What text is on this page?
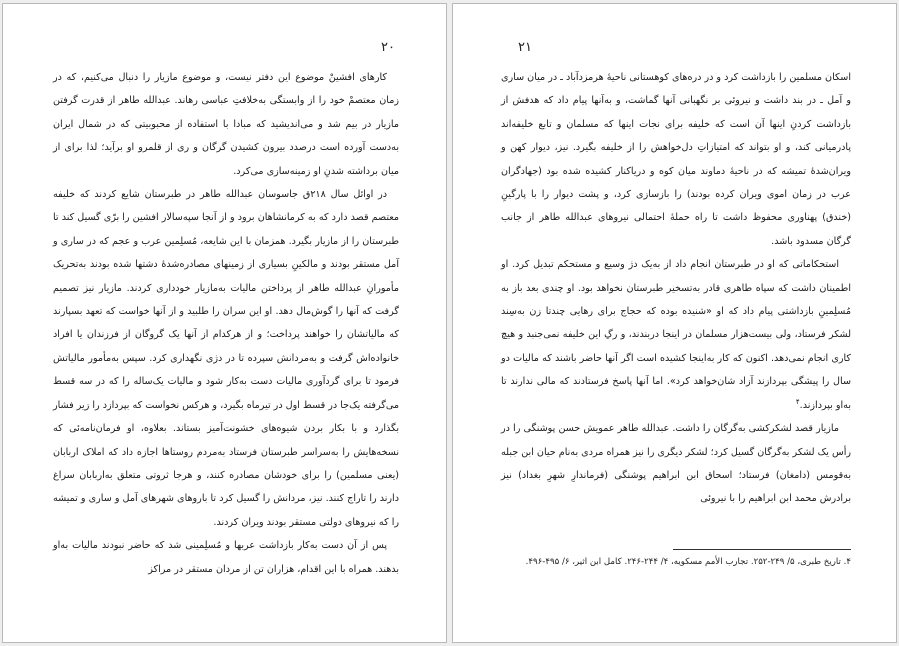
۲۰

کارهای افشین‌ْ موضوع این دفتر نیست، و موضوع مازیار را دنبال می‌کنیم، که در زمان معتصم‌ْ خود را از وابستگی به‌خلافتِ عباسی رهاند. عبدالله طاهر از قدرت گرفتن مازیار در بیم شد و می‌اندیشید که مبادا با استفاده از محبوبیتی که در شمال ایران به‌دست آورده است درصدد بیرون کشیدن گرگان و ری از قلمرو او برآید؛ لذا برای از میان برداشته شدنِ او زمینه‌سازی می‌کرد.

در اوائل سال ۲۱۸ق جاسوسان عبدالله طاهر در طبرستان شایع کردند که خلیفه معتصم قصد دارد که به کرمانشاهان برود و از آنجا سپه‌سالار افشین را برّی گسیل کند تا طبرستان را از مازیار بگیرد. همزمان با این شایعه، مُسلِمین عرب و عجم که در ساری و آمل مستقر بودند و مالکینِ بسیاری از زمینهای مصادره‌شدهٔ دشتها شده بودند به‌تحریک مأمورانِ عبدالله طاهر از پرداختن مالیات به‌مازیار خودداری کردند. مازیار نیز تصمیم گرفت که آنها را گوش‌مال دهد. او این سران را طلبید و از آنها خواست که تعهد بسپارند که مالیاتشان را خواهند پرداخت؛ و از هرکدام از آنها یک گروگان از فرزندان یا افراد خانواده‌اش گرفت و به‌مردانش سپرده تا در دژی نگهداری کرد. سپس به‌مأمور مالیاتش فرمود تا برای گردآوری مالیات دست به‌کار شود و مالیات یک‌ساله را که در سه قسط می‌گرفته یک‌جا در قسط اول در تیرماه بگیرد، و هرکس نخواست که بپردازد را زیر فشار بگذارد و با بکار بردن شیوه‌های خشونت‌آمیز بستاند. بعلاوه، او فرمان‌نامه‌ئی که نسخه‌هایش را به‌سراسر طبرستان فرستاد به‌مردم روستاها اجازه داد که املاک اربابان (یعنی مسلمین) را برای خودشان مصادره کنند، و هرجا ثروتی متعلق به‌اربابان سراغ دارند را تاراج کنند. نیز، مردانش را گسیل کرد تا باروهای شهرهای آمل و ساری و تمیشه را که نیروهای دولتی مستقر بودند ویران کردند.

پس از آن دست به‌کار بازداشت عربها و مُسلِمینی شد که حاضر نبودند مالیات به‌او بدهند. همراه با این اقدام، هزاران تن از مردان مستقر در مراکز

۲۱

اسکان مسلمین را بازداشت کرد و در دره‌های کوهستانی ناحیهٔ هرمزدآباد ـ در میان ساری و آمل ـ در بند داشت و نیروئی بر نگهبانی آنها گماشت، و به‌آنها پیام داد که هدفش از بازداشت کردنِ اینها آن است که خلیفه برای نجات اینها که مسلمان و تابع خلیفه‌اند پادرمیانی کند، و او بتواند که امتیازاتِ دل‌خواهش را از خلیفه بگیرد. نیز، دیوار کهن و ویران‌شدهٔ تمیشه که در ناحیهٔ دماوند میان کوه و دریاکنار کشیده شده بود (جهادگران عرب در زمان اموی ویران کرده بودند) را بازسازی کرد، و پشت دیوار را با پارگینِ (خندق) پهناوری محفوظ داشت تا راه حملهٔ احتمالی نیروهای عبدالله طاهر از جانب گرگان مسدود باشد.

استحکاماتی که او در طبرستان انجام داد از به‌یک دژ وسیع و مستحکم تبدیل کرد. او اطمینان داشت که سپاه طاهری قادر به‌تسخیر طبرستان نخواهد بود. او چندی بعد باز به مُسلِمینِ بازداشتی پیام داد که او «شنیده بوده که حجاج برای رهایی چندتا زن به‌سِند لشکر فرستاد، ولی بیست‌هزار مسلمان در اینجا دربندند، و رگِ این خلیفه نمی‌جنبد و هیچ کاری انجام نمی‌دهد. اکنون که کار به‌اینجا کشیده است اگر آنها حاضر باشند که مالیات دو سال را پیشگی بپردازند آزاد شان‌خواهد کرد». اما آنها پاسخ فرستادند که مالی ندارند تا به‌او بپردازند.$^۴$

مازیار قصد لشکرکشی به‌گرگان را داشت. عبدالله طاهر عمویش حسن پوشنگی را در رأس یک لشکر به‌گرگان گسیل کرد؛ لشکر دیگری را نیز همراه مردی به‌نام حیان ابن جبله به‌قومس (دامغان) فرستاد؛ اسحاق ابن ابراهیم پوشنگی (فرماندارِ شهرِ بغداد) نیز برادرش محمد ابن ابراهیم را با نیروئی

۴. تاریخ طبری، ۵/ ۲۴۹-۲۵۲. تجارب الأمم مسکویه، ۴/ ۲۴۴-۲۴۶. کامل ابن اثیر، ۶/ ۴۹۵-۴۹۶.
